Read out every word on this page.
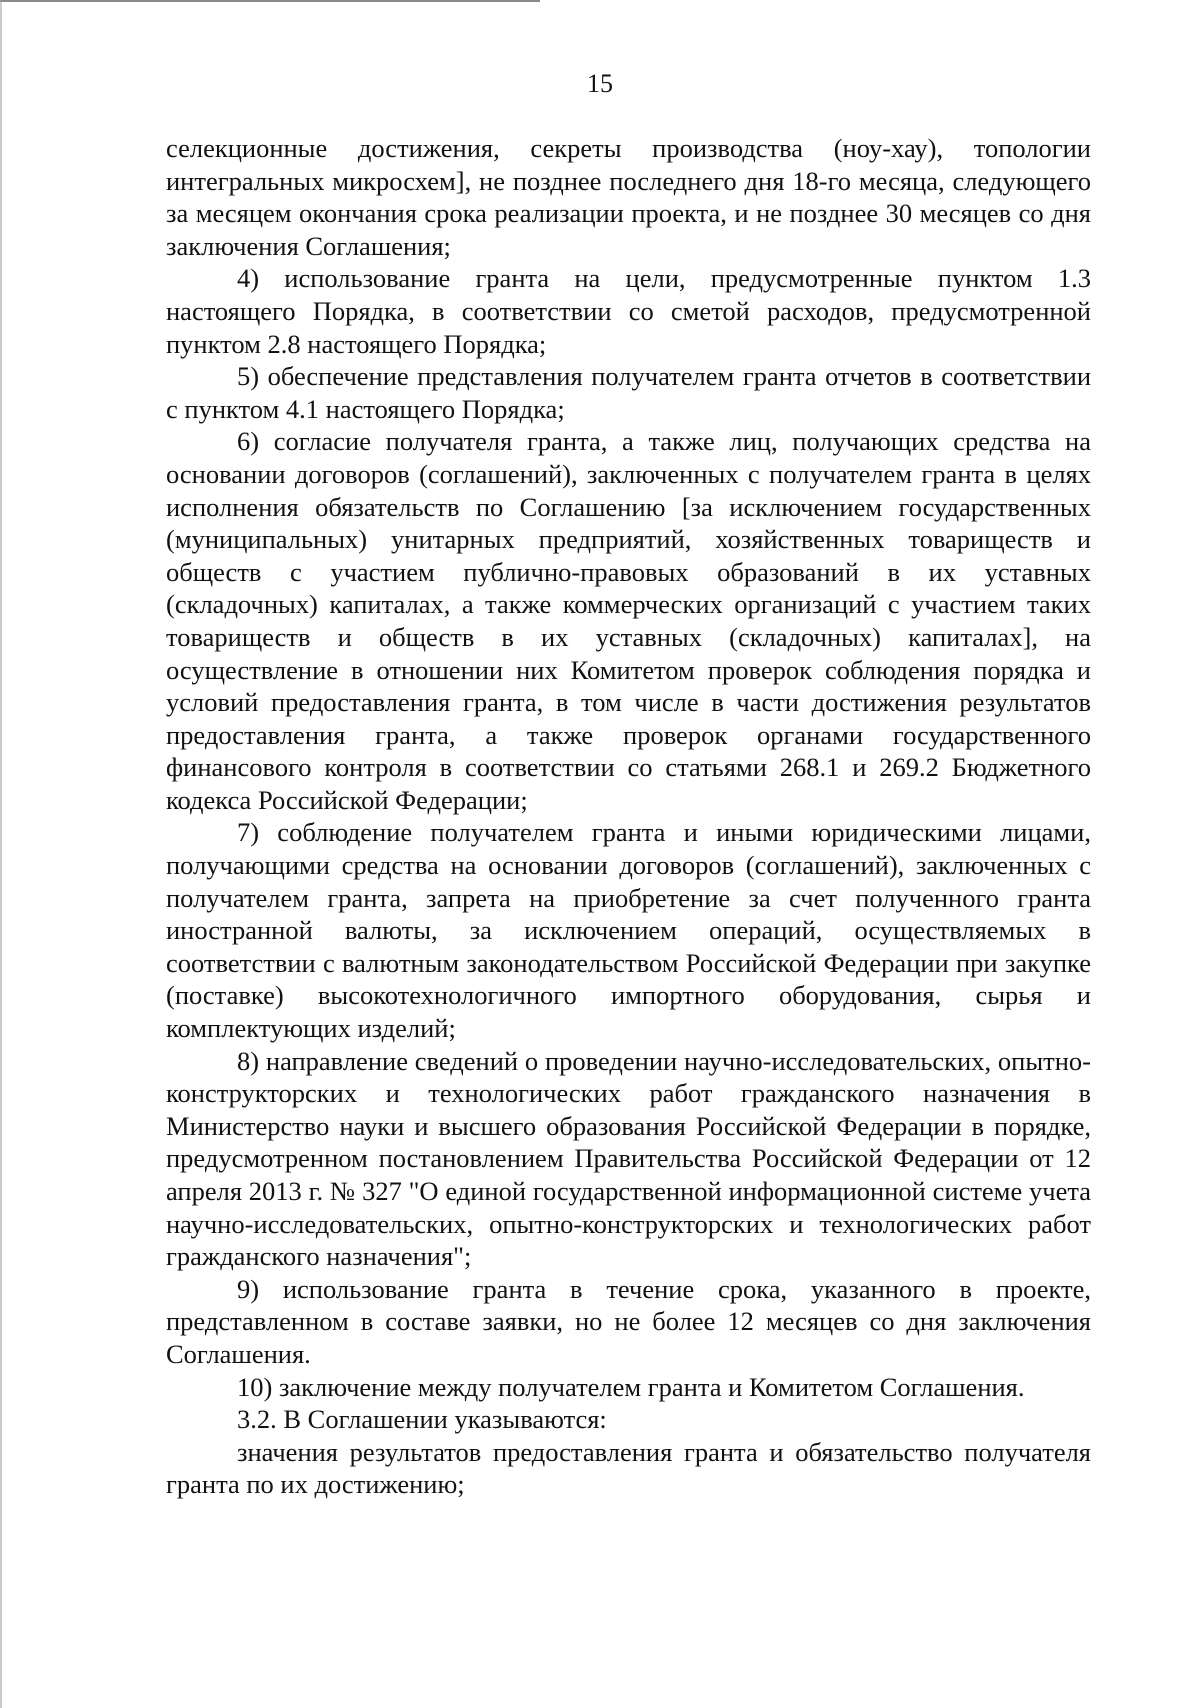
15

селекционные достижения, секреты производства (ноу-хау), топологии интегральных микросхем], не позднее последнего дня 18-го месяца, следующего за месяцем окончания срока реализации проекта, и не позднее 30 месяцев со дня заключения Соглашения;

4) использование гранта на цели, предусмотренные пунктом 1.3 настоящего Порядка, в соответствии со сметой расходов, предусмотренной пунктом 2.8 настоящего Порядка;

5) обеспечение представления получателем гранта отчетов в соответствии с пунктом 4.1 настоящего Порядка;

6) согласие получателя гранта, а также лиц, получающих средства на основании договоров (соглашений), заключенных с получателем гранта в целях исполнения обязательств по Соглашению [за исключением государственных (муниципальных) унитарных предприятий, хозяйственных товариществ и обществ с участием публично-правовых образований в их уставных (складочных) капиталах, а также коммерческих организаций с участием таких товариществ и обществ в их уставных (складочных) капиталах], на осуществление в отношении них Комитетом проверок соблюдения порядка и условий предоставления гранта, в том числе в части достижения результатов предоставления гранта, а также проверок органами государственного финансового контроля в соответствии со статьями 268.1 и 269.2 Бюджетного кодекса Российской Федерации;

7) соблюдение получателем гранта и иными юридическими лицами, получающими средства на основании договоров (соглашений), заключенных с получателем гранта, запрета на приобретение за счет полученного гранта иностранной валюты, за исключением операций, осуществляемых в соответствии с валютным законодательством Российской Федерации при закупке (поставке) высокотехнологичного импортного оборудования, сырья и комплектующих изделий;

8) направление сведений о проведении научно-исследовательских, опытно-конструкторских и технологических работ гражданского назначения в Министерство науки и высшего образования Российской Федерации в порядке, предусмотренном постановлением Правительства Российской Федерации от 12 апреля 2013 г. № 327 "О единой государственной информационной системе учета научно-исследовательских, опытно-конструкторских и технологических работ гражданского назначения";

9) использование гранта в течение срока, указанного в проекте, представленном в составе заявки, но не более 12 месяцев со дня заключения Соглашения.

10) заключение между получателем гранта и Комитетом Соглашения.

3.2. В Соглашении указываются:

значения результатов предоставления гранта и обязательство получателя гранта по их достижению;
